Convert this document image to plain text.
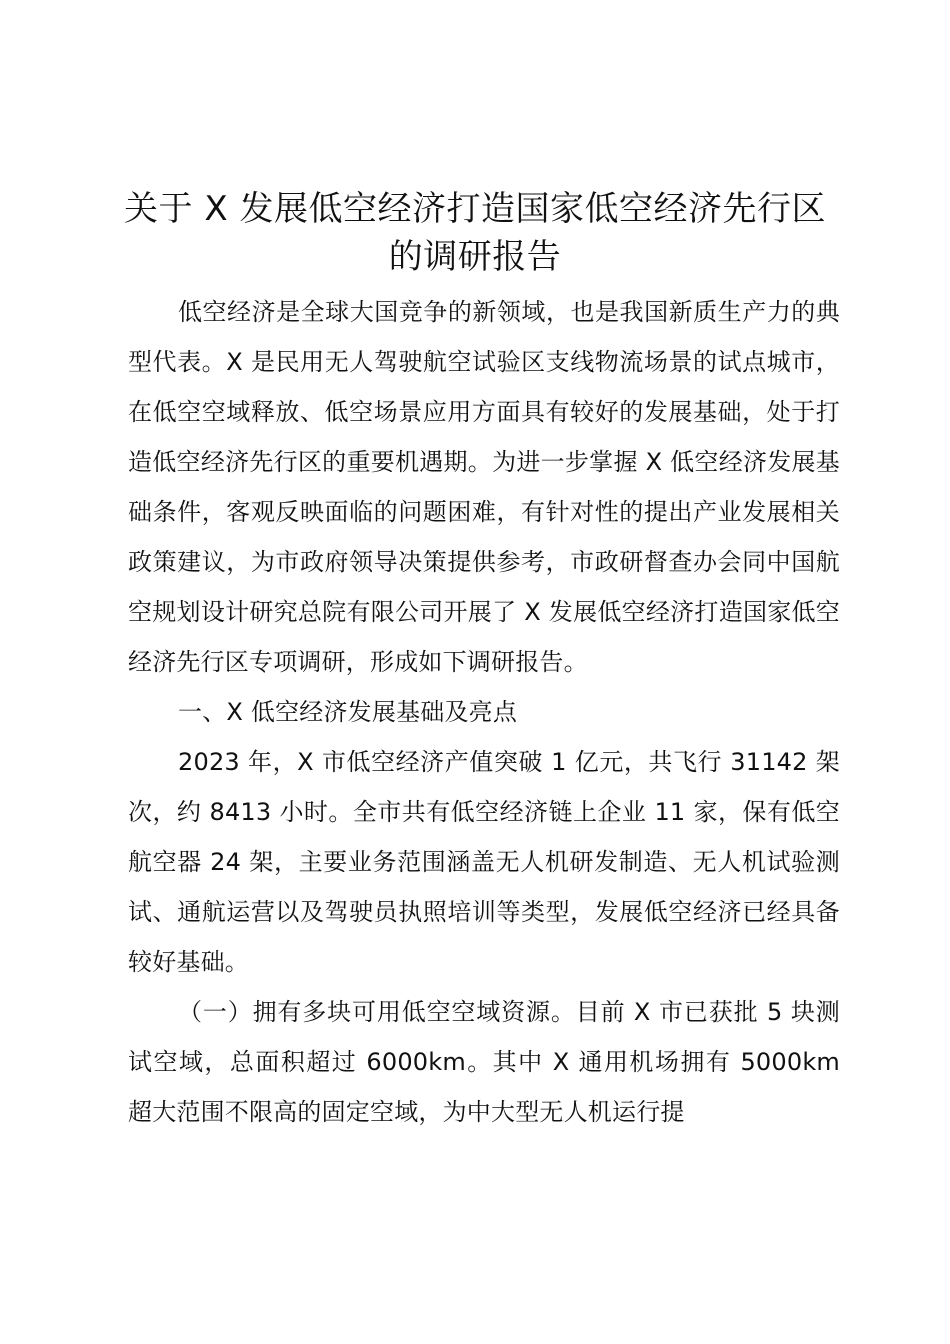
关于 X 发展低空经济打造国家低空经济先行区
的调研报告

低空经济是全球大国竞争的新领域，也是我国新质生产力的典型代表。X 是民用无人驾驶航空试验区支线物流场景的试点城市，在低空空域释放、低空场景应用方面具有较好的发展基础，处于打造低空经济先行区的重要机遇期。为进一步掌握 X 低空经济发展基础条件，客观反映面临的问题困难，有针对性的提出产业发展相关政策建议，为市政府领导决策提供参考，市政研督查办会同中国航空规划设计研究总院有限公司开展了 X 发展低空经济打造国家低空经济先行区专项调研，形成如下调研报告。

一、X 低空经济发展基础及亮点

2023 年，X 市低空经济产值突破 1 亿元，共飞行 31142 架次，约 8413 小时。全市共有低空经济链上企业 11 家，保有低空航空器 24 架，主要业务范围涵盖无人机研发制造、无人机试验测试、通航运营以及驾驶员执照培训等类型，发展低空经济已经具备较好基础。

（一）拥有多块可用低空空域资源。目前 X 市已获批 5 块测试空域，总面积超过 6000km。其中 X 通用机场拥有 5000km 超大范围不限高的固定空域，为中大型无人机运行提
